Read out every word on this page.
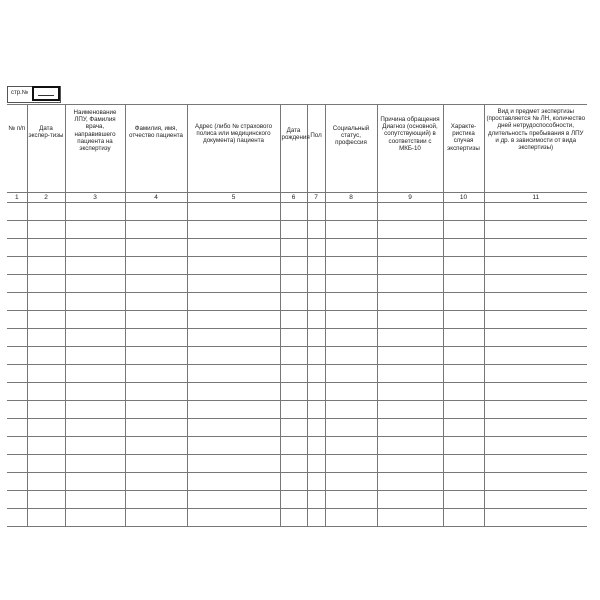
стр.№
№ п/п	Дата экспер-тизы	Наименование ЛПУ, Фамилия врача, направившего пациента на экспертизу	Фамилия, имя, отчество пациента	Адрес (либо № страхового полиса или медицинского документа) пациента	Дата рождения	Пол	Социальный статус, профессия	Причина обращения Диагноз (основной, сопутствующий) в соответствии с МКБ-10	Характе-ристика случая экспертизы	Вид и предмет экспертизы (проставляется № ЛН, количество дней нетрудоспособности, длительность пребывания в ЛПУ и др. в зависимости от вида экспертизы)
1	2	3	4	5	6	7	8	9	10	11
